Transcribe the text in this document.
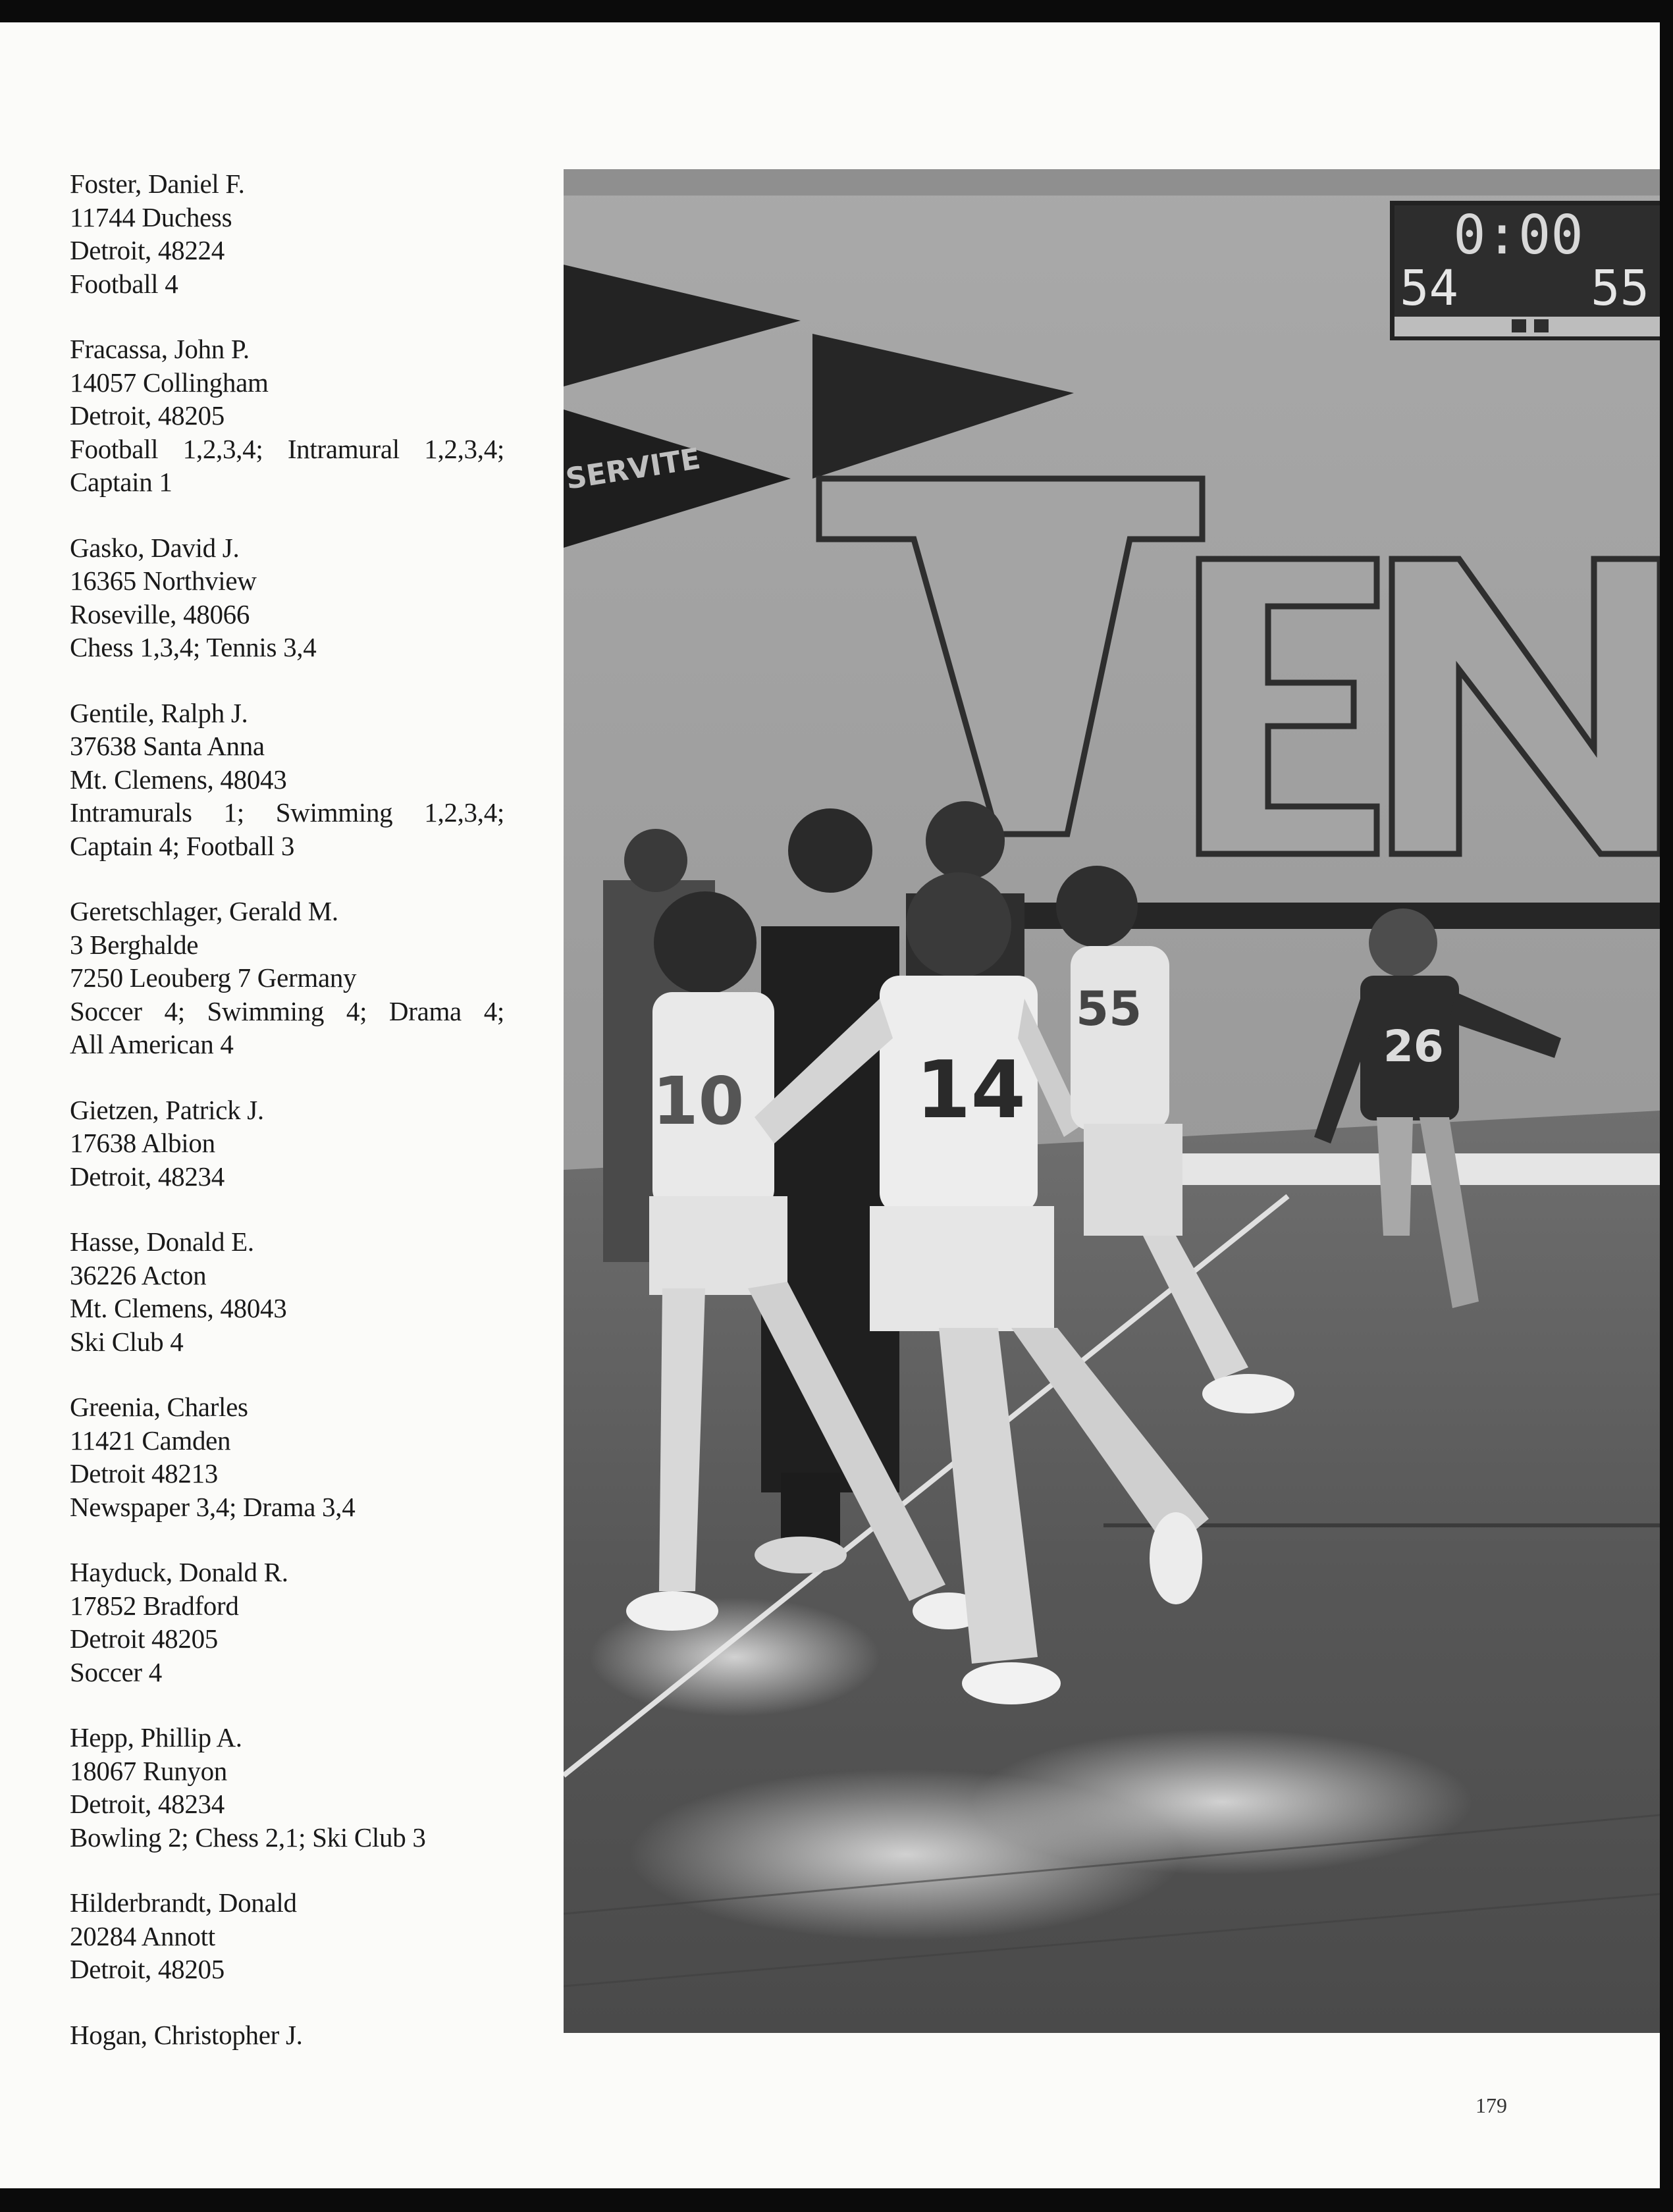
Foster, Daniel F.
11744 Duchess
Detroit, 48224
Football 4
Fracassa, John P.
14057 Collingham
Detroit, 48205
Football 1,2,3,4; Intramural 1,2,3,4;
Captain 1
Gasko, David J.
16365 Northview
Roseville, 48066
Chess 1,3,4; Tennis 3,4
Gentile, Ralph J.
37638 Santa Anna
Mt. Clemens, 48043
Intramurals 1; Swimming 1,2,3,4;
Captain 4; Football 3
Geretschlager, Gerald M.
3 Berghalde
7250 Leouberg 7 Germany
Soccer 4; Swimming 4; Drama 4;
All American 4
Gietzen, Patrick J.
17638 Albion
Detroit, 48234
Hasse, Donald E.
36226 Acton
Mt. Clemens, 48043
Ski Club 4
Greenia, Charles
11421 Camden
Detroit 48213
Newspaper 3,4; Drama 3,4
Hayduck, Donald R.
17852 Bradford
Detroit 48205
Soccer 4
Hepp, Phillip A.
18067 Runyon
Detroit, 48234
Bowling 2; Chess 2,1; Ski Club 3
Hilderbrandt, Donald
20284 Annott
Detroit, 48205
Hogan, Christopher J.
0:00
54	55
SERVITE
10 14
55
26
179
